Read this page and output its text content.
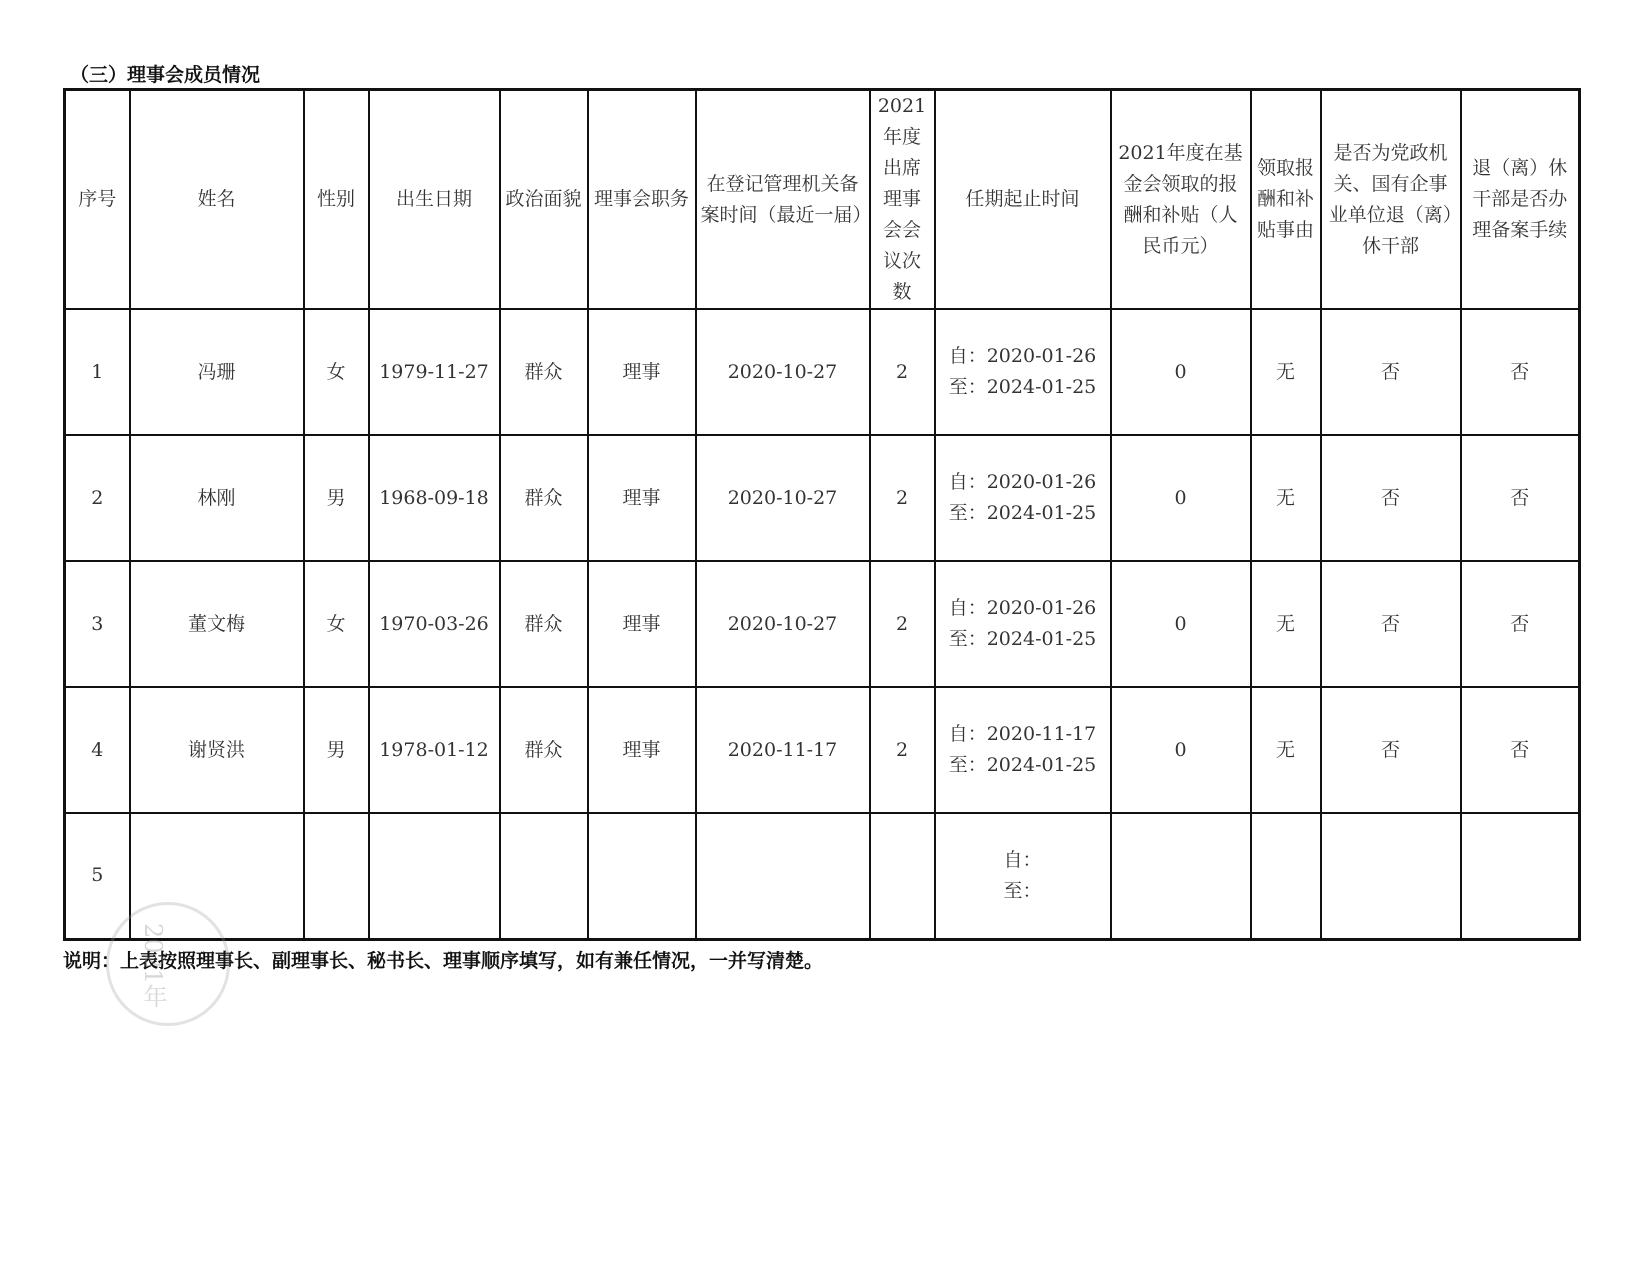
（三）理事会成员情况
序号	姓名	性别	出生日期	政治面貌	理事会职务	在登记管理机关备案时间（最近一届）	2021年度出席理事会会议次数	任期起止时间	2021年度在基金会领取的报酬和补贴（人民币元）	领取报酬和补贴事由	是否为党政机关、国有企事业单位退（离）休干部	退（离）休干部是否办理备案手续
1	冯珊	女	1979-11-27	群众	理事	2020-10-27	2	自：2020-01-26
至：2024-01-25	0	无	否	否
2	林刚	男	1968-09-18	群众	理事	2020-10-27	2	自：2020-01-26
至：2024-01-25	0	无	否	否
3	董文梅	女	1970-03-26	群众	理事	2020-10-27	2	自：2020-01-26
至：2024-01-25	0	无	否	否
4	谢贤洪	男	1978-01-12	群众	理事	2020-11-17	2	自：2020-11-17
至：2024-01-25	0	无	否	否
5								自：
至：				

说明：上表按照理事长、副理事长、秘书长、理事顺序填写，如有兼任情况，一并写清楚。
2021年
